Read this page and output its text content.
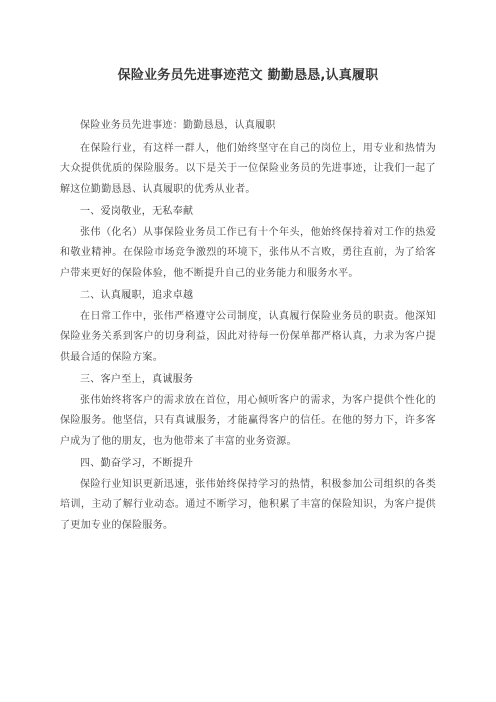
保险业务员先进事迹范文 勤勤恳恳,认真履职

保险业务员先进事迹：勤勤恳恳，认真履职

在保险行业，有这样一群人，他们始终坚守在自己的岗位上，用专业和热情为大众提供优质的保险服务。以下是关于一位保险业务员的先进事迹，让我们一起了解这位勤勤恳恳、认真履职的优秀从业者。

一、爱岗敬业，无私奉献

张伟（化名）从事保险业务员工作已有十个年头，他始终保持着对工作的热爱和敬业精神。在保险市场竞争激烈的环境下，张伟从不言败，勇往直前，为了给客户带来更好的保险体验，他不断提升自己的业务能力和服务水平。

二、认真履职，追求卓越

在日常工作中，张伟严格遵守公司制度，认真履行保险业务员的职责。他深知保险业务关系到客户的切身利益，因此对待每一份保单都严格认真，力求为客户提供最合适的保险方案。

三、客户至上，真诚服务

张伟始终将客户的需求放在首位，用心倾听客户的需求，为客户提供个性化的保险服务。他坚信，只有真诚服务，才能赢得客户的信任。在他的努力下，许多客户成为了他的朋友，也为他带来了丰富的业务资源。

四、勤奋学习，不断提升

保险行业知识更新迅速，张伟始终保持学习的热情，积极参加公司组织的各类培训，主动了解行业动态。通过不断学习，他积累了丰富的保险知识，为客户提供了更加专业的保险服务。
